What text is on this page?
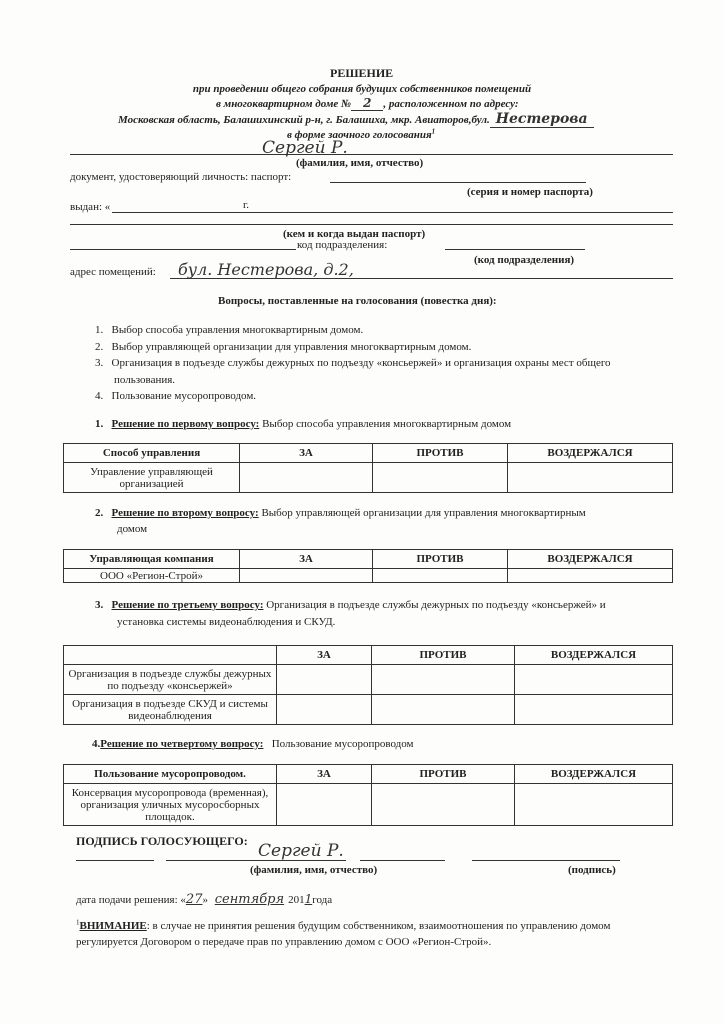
РЕШЕНИЕ
при проведении общего собрания будущих собственников помещений
в многоквартирном доме № 2 , расположенном по адресу:
Московская область, Балашихинский р-н, г. Балашиха, мкр. Авиаторов,бул. Нестерова
в форме заочного голосования$^1$
Сергей Р.
(фамилия, имя, отчество)
документ, удостоверяющий личность: паспорт:
(серия и номер паспорта)
выдан: «	г.
(кем и когда выдан паспорт)
код подразделения:
(код подразделения)
адрес помещений: бул. Нестерова, д.2,
Вопросы, поставленные на голосования (повестка дня):
1.   Выбор способа управления многоквартирным домом.
2.   Выбор управляющей организации для управления многоквартирным домом.
3.   Организация в подъезде службы дежурных по подъезду «консьержей» и организация охраны мест общего
пользования.
4.   Пользование мусоропроводом.
1. Решение по первому вопросу: Выбор способа управления многоквартирным домом
Способ управления	ЗА	ПРОТИВ	ВОЗДЕРЖАЛСЯ
Управление управляющей организацией			
2. Решение по второму вопросу: Выбор управляющей организации для управления многоквартирным
домом
Управляющая компания	ЗА	ПРОТИВ	ВОЗДЕРЖАЛСЯ
ООО «Регион-Строй»			
3. Решение по третьему вопросу: Организация в подъезде службы дежурных по подъезду «консьержей» и
установка системы видеонаблюдения и СКУД.
	ЗА	ПРОТИВ	ВОЗДЕРЖАЛСЯ
Организация в подъезде службы дежурных по подъезду «консьержей»			
Организация в подъезде СКУД и системы видеонаблюдения			
4.Решение по четвертому вопросу: Пользование мусоропроводом
Пользование мусоропроводом.	ЗА	ПРОТИВ	ВОЗДЕРЖАЛСЯ
Консервация мусоропровода (временная), организация уличных мусоросборных площадок.			
ПОДПИСЬ ГОЛОСУЮЩЕГО: Сергей Р.
(фамилия, имя, отчество)	(подпись)
дата подачи решения: «27» сентября 2011года
$^1$ВНИМАНИЕ: в случае не принятия решения будущим собственником, взаимоотношения по управлению домом
регулируется Договором о передаче прав по управлению домом с ООО «Регион-Строй».
